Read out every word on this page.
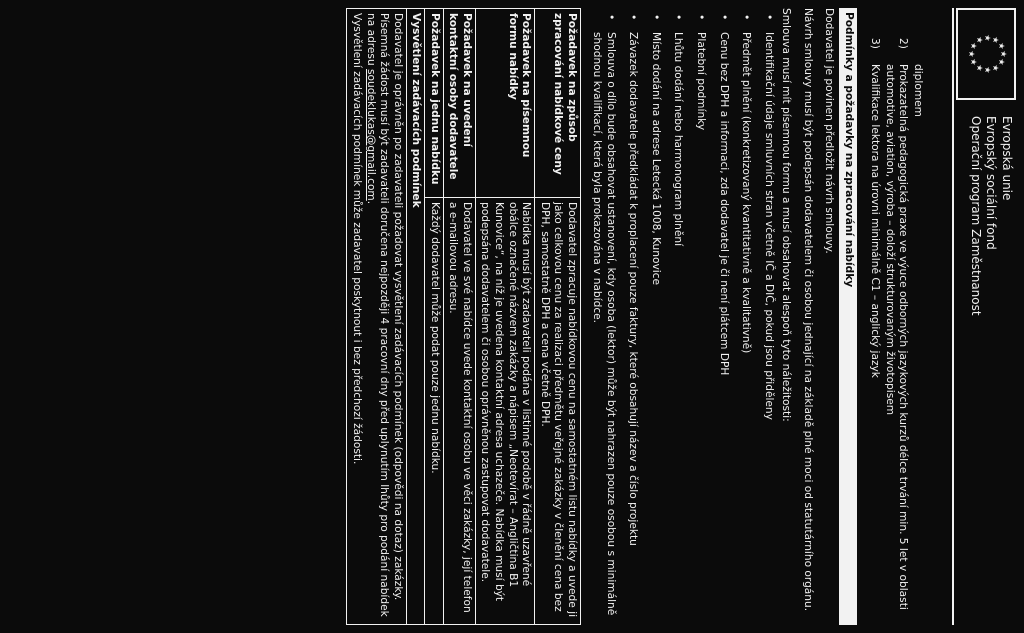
★
★
★
★
★
★
★
★
★ ★ ★
★
Evropská unie
Evropský sociální fond
Operační program Zaměstnanost
diplomem
2)
Prokazatelná pedagogická praxe ve výuce odborných jazykových kurzů délce trvání min. 5 let v oblasti automotive, aviation, výroba – doloží strukturovaným životopisem
3)
Kvalifikace lektora na úrovni minimálně C1 – anglický jazyk
Podmínky a požadavky na zpracování nabídky

Dodavatel je povinen předložit návrh smlouvy.

Návrh smlouvy musí být podepsán dodavatelem či osobou jednající na základě plné moci od statutárního orgánu.

Smlouva musí mít písemnou formu a musí obsahovat alespoň tyto náležitosti:

• Identifikační údaje smluvních stran včetně IČ a DIČ, pokud jsou přiděleny
• Předmět plnění (konkretizovaný kvantitativně a kvalitativně)
• Cenu bez DPH a informaci, zda dodavatel je či není plátcem DPH
• Platební podmínky
• Lhůtu dodání nebo harmonogram plnění
• Místo dodání na adrese Letecká 1008, Kunovice
• Závazek dodavatele předkládat k proplacení pouze faktury, které obsahují název a číslo projektu
• Smlouva o dílo bude obsahovat ustanovení, kdy osoba (lektor) může být nahrazen pouze osobou s minimálně shodnou kvalifikací, která byla prokazována v nabídce.
Požadavek na způsob zpracování nabídkové ceny	Dodavatel zpracuje nabídkovou cenu na samostatném listu nabídky a uvede ji jako celkovou cenu za realizaci předmětu veřejné zakázky v členění cena bez DPH, samostatně DPH a cena včetně DPH.
Požadavek na písemnou formu nabídky	Nabídka musí být zadavateli podána v listinné podobě v řádně uzavřené obálce označené názvem zakázky a nápisem „Neotevírat – Angličtina B1 Kunovice“, na níž je uvedena kontaktní adresa uchazeče. Nabídka musí být podepsána dodavatelem či osobou oprávněnou zastupovat dodavatele.
Požadavek na uvedení kontaktní osoby dodavatele	Dodavatel ve své nabídce uvede kontaktní osobu ve věci zakázky, její telefon a e-mailovou adresu.
Požadavek na jednu nabídku	Každý dodavatel může podat pouze jednu nabídku.
Vysvětlení zadávacích podmínek	
Dodavatel je oprávněn po zadavateli požadovat vysvětlení zadávacích podmínek (odpovědi na dotaz) zakázky. Písemná žádost musí být zadavateli doručena nejpozději 4 pracovní dny před uplynutím lhůty pro podání nabídek na adresu soudeklukas@gmail.com.
Vysvětlení zadávacích podmínek může zadavatel poskytnout i bez předchozí žádosti.	
